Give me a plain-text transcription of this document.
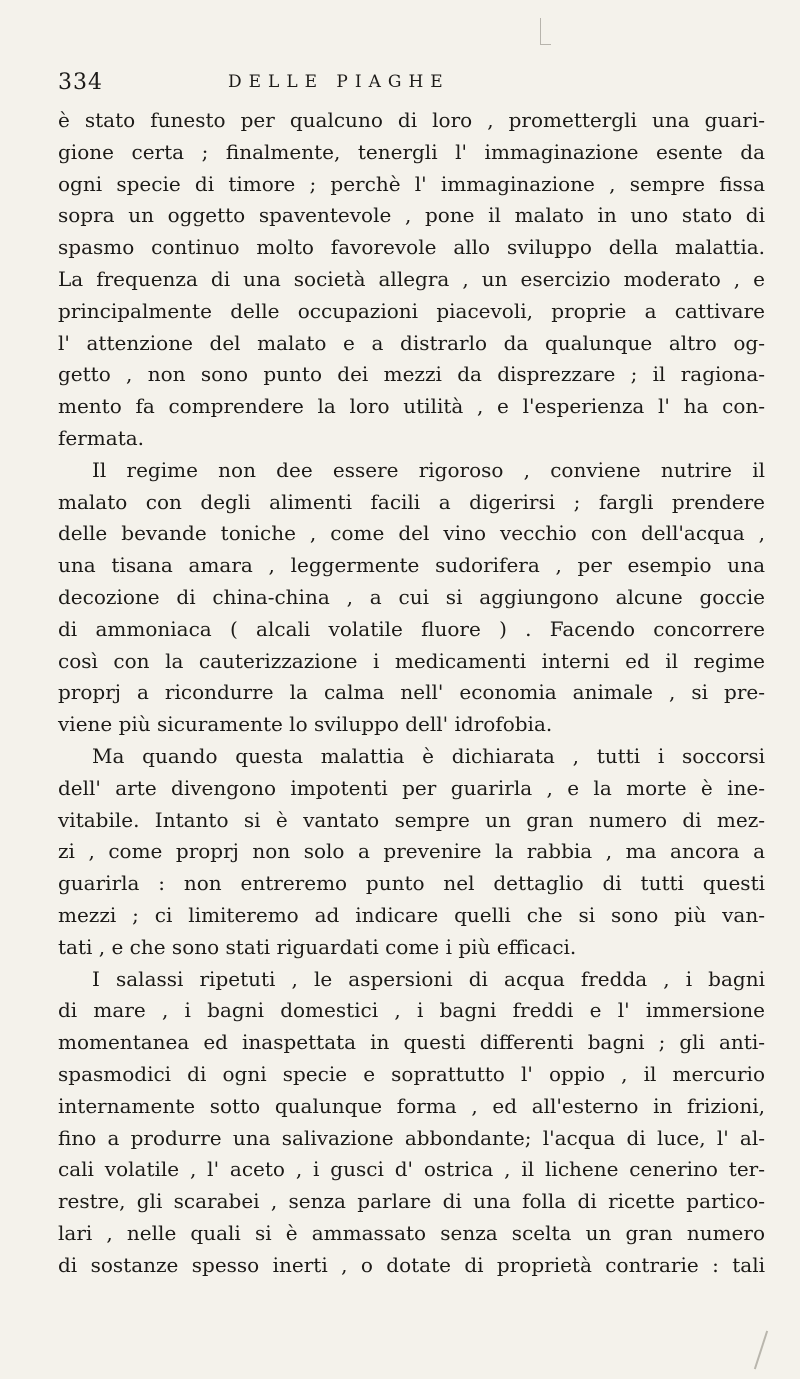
334	DELLE PIAGHE
è stato funesto per qualcuno di loro , promettergli una guari-
gione certa ; finalmente, tenergli l' immaginazione esente da
ogni specie di timore ; perchè l' immaginazione , sempre fissa
sopra un oggetto spaventevole , pone il malato in uno stato di
spasmo continuo molto favorevole allo sviluppo della malattia.
La frequenza di una società allegra , un esercizio moderato , e
principalmente delle occupazioni piacevoli, proprie a cattivare
l' attenzione del malato e a distrarlo da qualunque altro og-
getto , non sono punto dei mezzi da disprezzare ; il ragiona-
mento fa comprendere la loro utilità , e l'esperienza l' ha con-
fermata.
Il regime non dee essere rigoroso , conviene nutrire il
malato con degli alimenti facili a digerirsi ; fargli prendere
delle bevande toniche , come del vino vecchio con dell'acqua ,
una tisana amara , leggermente sudorifera , per esempio una
decozione di china-china , a cui si aggiungono alcune goccie
di ammoniaca ( alcali volatile fluore ) . Facendo concorrere
così con la cauterizzazione i medicamenti interni ed il regime
proprj a ricondurre la calma nell' economia animale , si pre-
viene più sicuramente lo sviluppo dell' idrofobia.
Ma quando questa malattia è dichiarata , tutti i soccorsi
dell' arte divengono impotenti per guarirla , e la morte è ine-
vitabile. Intanto si è vantato sempre un gran numero di mez-
zi , come proprj non solo a prevenire la rabbia , ma ancora a
guarirla : non entreremo punto nel dettaglio di tutti questi
mezzi ; ci limiteremo ad indicare quelli che si sono più van-
tati , e che sono stati riguardati come i più efficaci.
I salassi ripetuti , le aspersioni di acqua fredda , i bagni
di mare , i bagni domestici , i bagni freddi e l' immersione
momentanea ed inaspettata in questi differenti bagni ; gli anti-
spasmodici di ogni specie e soprattutto l' oppio , il mercurio
internamente sotto qualunque forma , ed all'esterno in frizioni,
fino a produrre una salivazione abbondante; l'acqua di luce, l' al-
cali volatile , l' aceto , i gusci d' ostrica , il lichene cenerino ter-
restre, gli scarabei , senza parlare di una folla di ricette partico-
lari , nelle quali si è ammassato senza scelta un gran numero
di sostanze spesso inerti , o dotate di proprietà contrarie : tali
